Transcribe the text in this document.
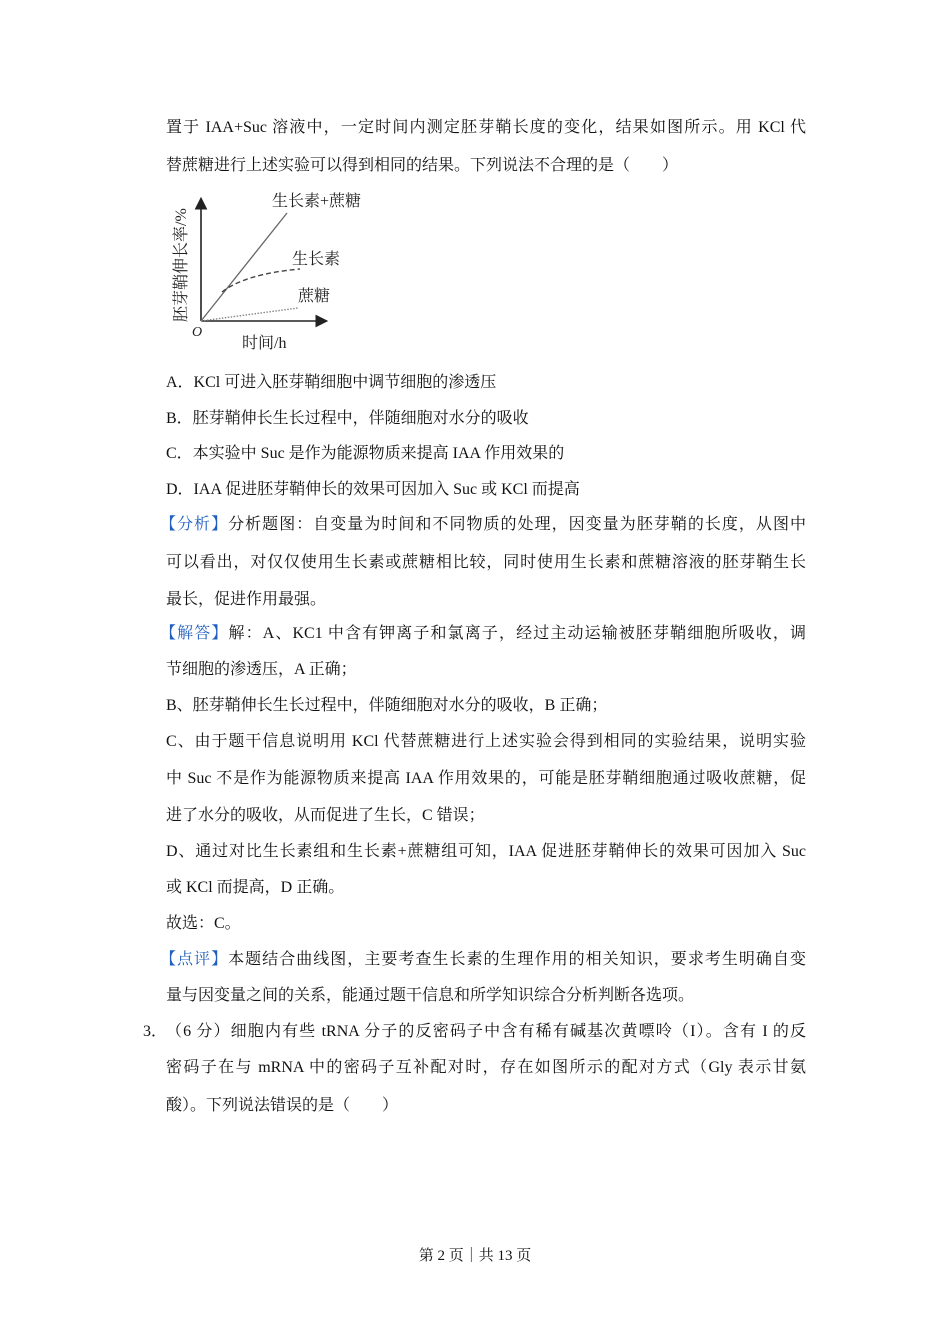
置于 IAA+Suc 溶液中，一定时间内测定胚芽鞘长度的变化，结果如图所示。用 KCl 代
替蔗糖进行上述实验可以得到相同的结果。下列说法不合理的是（　　）
生长素+蔗糖
生长素
蔗糖
O
时间/h
胚芽鞘伸长率/%
A．KCl 可进入胚芽鞘细胞中调节细胞的渗透压
B．胚芽鞘伸长生长过程中，伴随细胞对水分的吸收
C．本实验中 Suc 是作为能源物质来提高 IAA 作用效果的
D．IAA 促进胚芽鞘伸长的效果可因加入 Suc 或 KCl 而提高
【分析】分析题图：自变量为时间和不同物质的处理，因变量为胚芽鞘的长度，从图中
可以看出，对仅仅使用生长素或蔗糖相比较，同时使用生长素和蔗糖溶液的胚芽鞘生长
最长，促进作用最强。
【解答】解：A、KC1 中含有钾离子和氯离子，经过主动运输被胚芽鞘细胞所吸收，调
节细胞的渗透压，A 正确；
B、胚芽鞘伸长生长过程中，伴随细胞对水分的吸收，B 正确；
C、由于题干信息说明用 KCl 代替蔗糖进行上述实验会得到相同的实验结果，说明实验
中 Suc 不是作为能源物质来提高 IAA 作用效果的，可能是胚芽鞘细胞通过吸收蔗糖，促
进了水分的吸收，从而促进了生长，C 错误；
D、通过对比生长素组和生长素+蔗糖组可知，IAA 促进胚芽鞘伸长的效果可因加入 Suc
或 KCl 而提高，D 正确。
故选：C。
【点评】本题结合曲线图，主要考查生长素的生理作用的相关知识，要求考生明确自变
量与因变量之间的关系，能通过题干信息和所学知识综合分析判断各选项。
3．
（6 分）细胞内有些 tRNA 分子的反密码子中含有稀有碱基次黄嘌呤（I）。含有 I 的反
密码子在与 mRNA 中的密码子互补配对时，存在如图所示的配对方式（Gly 表示甘氨
酸）。下列说法错误的是（　　）
第 2 页｜共 13 页
